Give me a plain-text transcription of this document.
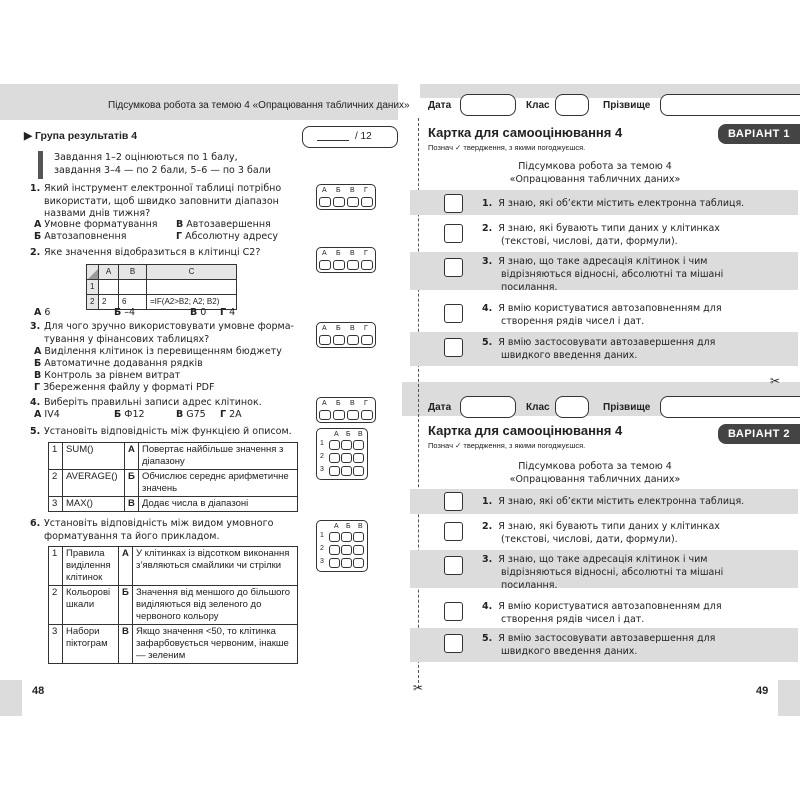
Підсумкова робота за темою 4 «Опрацювання табличних даних»
▶ Група результатів 4	/ 12
Завдання 1–2 оцінюються по 1 балу,
завдання 3–4 — по 2 бали, 5–6 — по 3 бали
1. Який інструмент електронної таблиці потрібно
використати, щоб швидко заповнити діапазон
назвами днів тижня?
А Умовне форматування В Автозавершення
Б Автозаповнення	Г Абсолютну адресу
А Б В Г
2. Яке значення відобразиться в клітинці С2?	А Б В Г
	A	B	C
1			
2	2	6	=IF(A2>B2; A2; B2)
А 6	Б –4	В 0 Г 4
3. Для чого зручно використовувати умовне форма-
тування у фінансових таблицях?
А Виділення клітинок із перевищенням бюджету
Б Автоматичне додавання рядків
В Контроль за рівнем витрат
Г Збереження файлу у форматі PDF
А Б В Г
4. Виберіть правильні записи адрес клітинок.
А IV4	Б Ф12	В G75 Г 2A
А Б В Г
5. Установіть відповідність між функцією й описом.
1	SUM()	А	Повертає найбільше значення з діапазону
2	AVERAGE()	Б	Обчислює середнє арифметичне значень
3	MAX()	В	Додає числа в діапазоні
А Б В
1
2
3
6. Установіть відповідність між видом умовного
форматування та його прикладом.
1	Правила виділення клітинок	А	У клітинках із відсотком виконання з’являються смайлики чи стрілки
2	Кольорові шкали	Б	Значення від меншого до більшого виділяються від зеленого до червоного кольору
3	Набори піктограм	В	Якщо значення <50, то клітинка зафарбовується червоним, інакше — зеленим
А Б В
1
2
3
48	✂
✂
Дата	Клас	Прізвище
Картка для самооцінювання 4
Познач ✓ твердження, з якими погоджуєшся.
ВАРІАНТ 1
Підсумкова робота за темою 4
«Опрацювання табличних даних»
1. Я знаю, які об’єкти містить електронна таблиця.
2. Я знаю, які бувають типи даних у клітинках
(текстові, числові, дати, формули).
3. Я знаю, що таке адресація клітинок і чим
відрізняються відносні, абсолютні та мішані
посилання.
4. Я вмію користуватися автозаповненням для
створення рядів чисел і дат.
5. Я вмію застосовувати автозавершення для
швидкого введення даних.
Дата	Клас	Прізвище
Картка для самооцінювання 4
Познач ✓ твердження, з якими погоджуєшся.
ВАРІАНТ 2
Підсумкова робота за темою 4
«Опрацювання табличних даних»
1. Я знаю, які об’єкти містить електронна таблиця.
2. Я знаю, які бувають типи даних у клітинках
(текстові, числові, дати, формули).
3. Я знаю, що таке адресація клітинок і чим
відрізняються відносні, абсолютні та мішані
посилання.
4. Я вмію користуватися автозаповненням для
створення рядів чисел і дат.
5. Я вмію застосовувати автозавершення для
швидкого введення даних.
49
